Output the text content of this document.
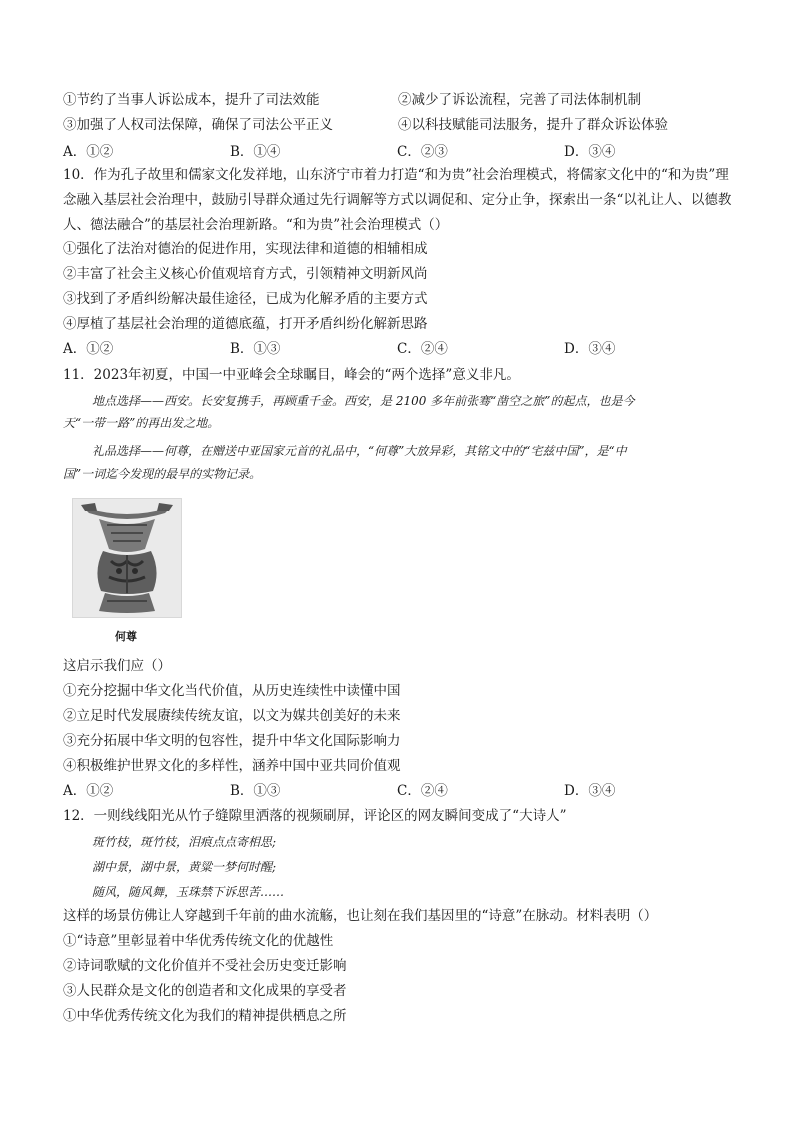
①节约了当事人诉讼成本，提升了司法效能	②减少了诉讼流程，完善了司法体制机制
③加强了人权司法保障，确保了司法公平正义	④以科技赋能司法服务，提升了群众诉讼体验
A．①②	B．①④	C．②③	D．③④
10．作为孔子故里和儒家文化发祥地，山东济宁市着力打造“和为贵”社会治理模式，将儒家文化中的“和为贵”理念融入基层社会治理中，鼓励引导群众通过先行调解等方式以调促和、定分止争，探索出一条“以礼让人、以德教人、德法融合”的基层社会治理新路。“和为贵”社会治理模式（）
①强化了法治对德治的促进作用，实现法律和道德的相辅相成
②丰富了社会主义核心价值观培育方式，引领精神文明新风尚
③找到了矛盾纠纷解决最佳途径，已成为化解矛盾的主要方式
④厚植了基层社会治理的道德底蕴，打开矛盾纠纷化解新思路
A．①②	B．①③	C．②④	D．③④
11．2023年初夏，中国一中亚峰会全球瞩目，峰会的“两个选择”意义非凡。
地点选择——西安。长安复携手，再顾重千金。西安，是 2100 多年前张骞“凿空之旅”的起点，也是今
天“一带一路”的再出发之地。
礼品选择——何尊，在赠送中亚国家元首的礼品中，“何尊”大放异彩，其铭文中的“宅兹中国”，是“中
国”一词迄今发现的最早的实物记录。
何尊
这启示我们应（）
①充分挖掘中华文化当代价值，从历史连续性中读懂中国
②立足时代发展赓续传统友谊，以文为媒共创美好的未来
③充分拓展中华文明的包容性，提升中华文化国际影响力
④积极维护世界文化的多样性，涵养中国中亚共同价值观
A．①②	B．①③	C．②④	D．③④
12．一则线线阳光从竹子缝隙里洒落的视频刷屏，评论区的网友瞬间变成了“大诗人”
斑竹枝，斑竹枝，泪痕点点寄相思;
湖中景，湖中景，黄粱一梦何时醒;
随风，随风舞，玉珠禁下诉思苦……
这样的场景仿佛让人穿越到千年前的曲水流觞，也让刻在我们基因里的“诗意”在脉动。材料表明（）
①“诗意”里彰显着中华优秀传统文化的优越性
②诗词歌赋的文化价值并不受社会历史变迁影响
③人民群众是文化的创造者和文化成果的享受者
①中华优秀传统文化为我们的精神提供栖息之所
